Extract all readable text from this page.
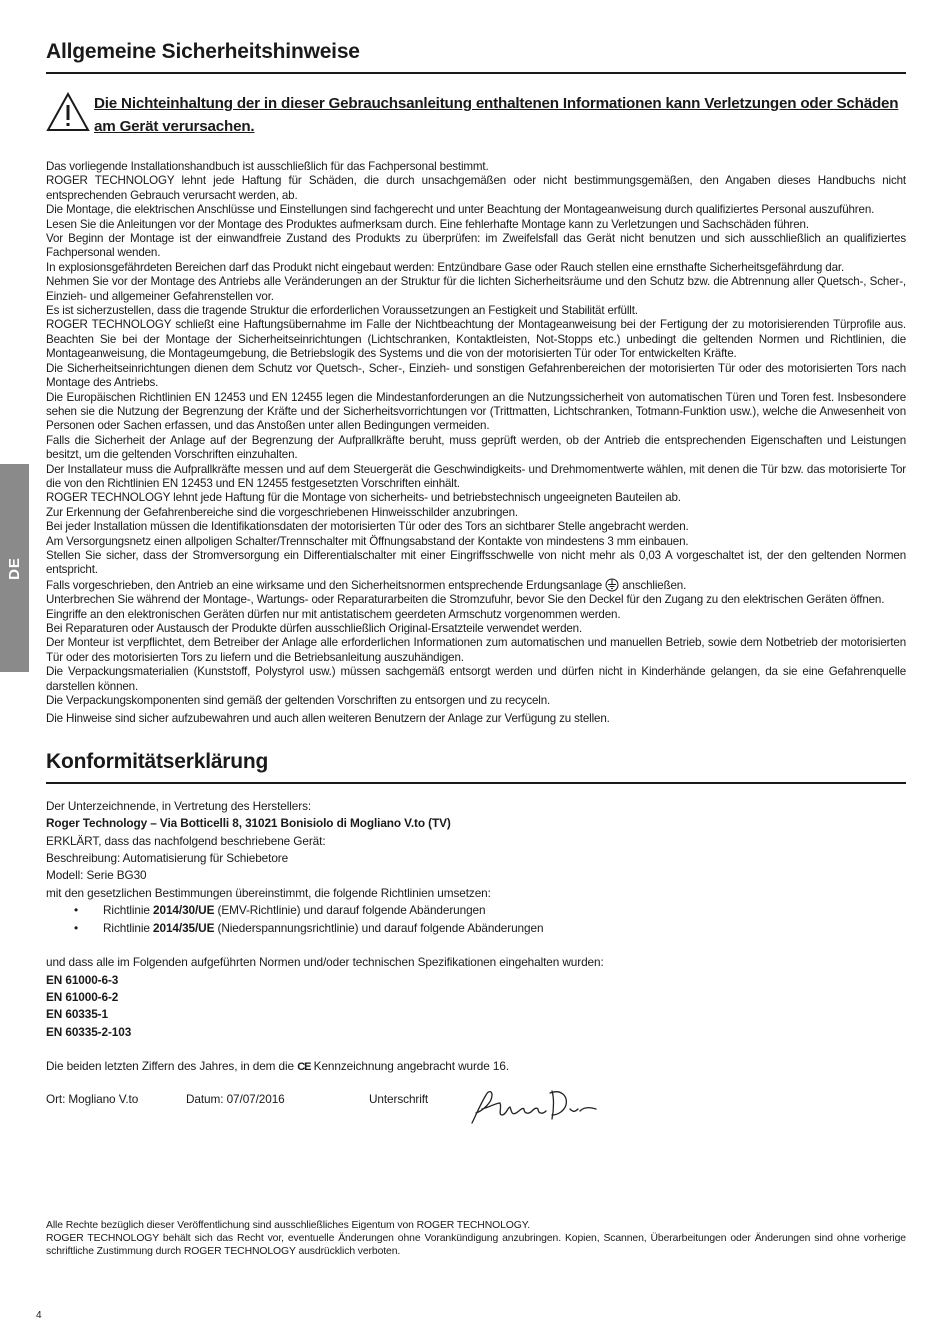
DE
Allgemeine Sicherheitshinweise
Die Nichteinhaltung der in dieser Gebrauchsanleitung enthaltenen Informationen kann Verletzungen oder Schäden am Gerät verursachen.

Das vorliegende Installationshandbuch ist ausschließlich für das Fachpersonal bestimmt.

ROGER TECHNOLOGY lehnt jede Haftung für Schäden, die durch unsachgemäßen oder nicht bestimmungsgemäßen, den Angaben dieses Handbuchs nicht entsprechenden Gebrauch verursacht werden, ab.

Die Montage, die elektrischen Anschlüsse und Einstellungen sind fachgerecht und unter Beachtung der Montageanweisung durch qualifiziertes Personal auszuführen.

Lesen Sie die Anleitungen vor der Montage des Produktes aufmerksam durch. Eine fehlerhafte Montage kann zu Verletzungen und Sachschäden führen.

Vor Beginn der Montage ist der einwandfreie Zustand des Produkts zu überprüfen: im Zweifelsfall das Gerät nicht benutzen und sich ausschließlich an qualifiziertes Fachpersonal wenden.

In explosionsgefährdeten Bereichen darf das Produkt nicht eingebaut werden: Entzündbare Gase oder Rauch stellen eine ernsthafte Sicherheitsgefährdung dar.

Nehmen Sie vor der Montage des Antriebs alle Veränderungen an der Struktur für die lichten Sicherheitsräume und den Schutz bzw. die Abtrennung aller Quetsch-, Scher-, Einzieh- und allgemeiner Gefahrenstellen vor.

Es ist sicherzustellen, dass die tragende Struktur die erforderlichen Voraussetzungen an Festigkeit und Stabilität erfüllt.

ROGER TECHNOLOGY schließt eine Haftungsübernahme im Falle der Nichtbeachtung der Montageanweisung bei der Fertigung der zu motorisierenden Türprofile aus. Beachten Sie bei der Montage der Sicherheitseinrichtungen (Lichtschranken, Kontaktleisten, Not-Stopps etc.) unbedingt die geltenden Normen und Richtlinien, die Montageanweisung, die Montageumgebung, die Betriebslogik des Systems und die von der motorisierten Tür oder Tor entwickelten Kräfte.

Die Sicherheitseinrichtungen dienen dem Schutz vor Quetsch-, Scher-, Einzieh- und sonstigen Gefahrenbereichen der motorisierten Tür oder des motorisierten Tors nach Montage des Antriebs.

Die Europäischen Richtlinien EN 12453 und EN 12455 legen die Mindestanforderungen an die Nutzungssicherheit von automatischen Türen und Toren fest. Insbesondere sehen sie die Nutzung der Begrenzung der Kräfte und der Sicherheitsvorrichtungen vor (Trittmatten, Lichtschranken, Totmann-Funktion usw.), welche die Anwesenheit von Personen oder Sachen erfassen, und das Anstoßen unter allen Bedingungen vermeiden.

Falls die Sicherheit der Anlage auf der Begrenzung der Aufprallkräfte beruht, muss geprüft werden, ob der Antrieb die entsprechenden Eigenschaften und Leistungen besitzt, um die geltenden Vorschriften einzuhalten.

Der Installateur muss die Aufprallkräfte messen und auf dem Steuergerät die Geschwindigkeits- und Drehmomentwerte wählen, mit denen die Tür bzw. das motorisierte Tor die von den Richtlinien EN 12453 und EN 12455 festgesetzten Vorschriften einhält.

ROGER TECHNOLOGY lehnt jede Haftung für die Montage von sicherheits- und betriebstechnisch ungeeigneten Bauteilen ab.

Zur Erkennung der Gefahrenbereiche sind die vorgeschriebenen Hinweisschilder anzubringen.

Bei jeder Installation müssen die Identifikationsdaten der motorisierten Tür oder des Tors an sichtbarer Stelle angebracht werden.

Am Versorgungsnetz einen allpoligen Schalter/Trennschalter mit Öffnungsabstand der Kontakte von mindestens 3 mm einbauen.

Stellen Sie sicher, dass der Stromversorgung ein Differentialschalter mit einer Eingriffsschwelle von nicht mehr als 0,03 A vorgeschaltet ist, der den geltenden Normen entspricht.

Falls vorgeschrieben, den Antrieb an eine wirksame und den Sicherheitsnormen entsprechende Erdungsanlage anschließen.

Unterbrechen Sie während der Montage-, Wartungs- oder Reparaturarbeiten die Stromzufuhr, bevor Sie den Deckel für den Zugang zu den elektrischen Geräten öffnen.

Eingriffe an den elektronischen Geräten dürfen nur mit antistatischem geerdeten Armschutz vorgenommen werden.

Bei Reparaturen oder Austausch der Produkte dürfen ausschließlich Original-Ersatzteile verwendet werden.

Der Monteur ist verpflichtet, dem Betreiber der Anlage alle erforderlichen Informationen zum automatischen und manuellen Betrieb, sowie dem Notbetrieb der motorisierten Tür oder des motorisierten Tors zu liefern und die Betriebsanleitung auszuhändigen.

Die Verpackungsmaterialien (Kunststoff, Polystyrol usw.) müssen sachgemäß entsorgt werden und dürfen nicht in Kinderhände gelangen, da sie eine Gefahrenquelle darstellen können.

Die Verpackungskomponenten sind gemäß der geltenden Vorschriften zu entsorgen und zu recyceln.

Die Hinweise sind sicher aufzubewahren und auch allen weiteren Benutzern der Anlage zur Verfügung zu stellen.

Konformitätserklärung

Der Unterzeichnende, in Vertretung des Herstellers:

Roger Technology – Via Botticelli 8, 31021 Bonisiolo di Mogliano V.to (TV)

ERKLÄRT, dass das nachfolgend beschriebene Gerät:

Beschreibung: Automatisierung für Schiebetore

Modell: Serie BG30

mit den gesetzlichen Bestimmungen übereinstimmt, die folgende Richtlinien umsetzen:

• Richtlinie 2014/30/UE (EMV-Richtlinie) und darauf folgende Abänderungen
• Richtlinie 2014/35/UE (Niederspannungsrichtlinie) und darauf folgende Abänderungen

und dass alle im Folgenden aufgeführten Normen und/oder technischen Spezifikationen eingehalten wurden:

EN 61000-6-3

EN 61000-6-2

EN 60335-1

EN 60335-2-103

Die beiden letzten Ziffern des Jahres, in dem die CE Kennzeichnung angebracht wurde 16.

Ort: Mogliano V.to	Datum: 07/07/2016	Unterschrift

Alle Rechte bezüglich dieser Veröffentlichung sind ausschließliches Eigentum von ROGER TECHNOLOGY.

ROGER TECHNOLOGY behält sich das Recht vor, eventuelle Änderungen ohne Vorankündigung anzubringen. Kopien, Scannen, Überarbeitungen oder Änderungen sind ohne vorherige schriftliche Zustimmung durch ROGER TECHNOLOGY ausdrücklich verboten.

4
